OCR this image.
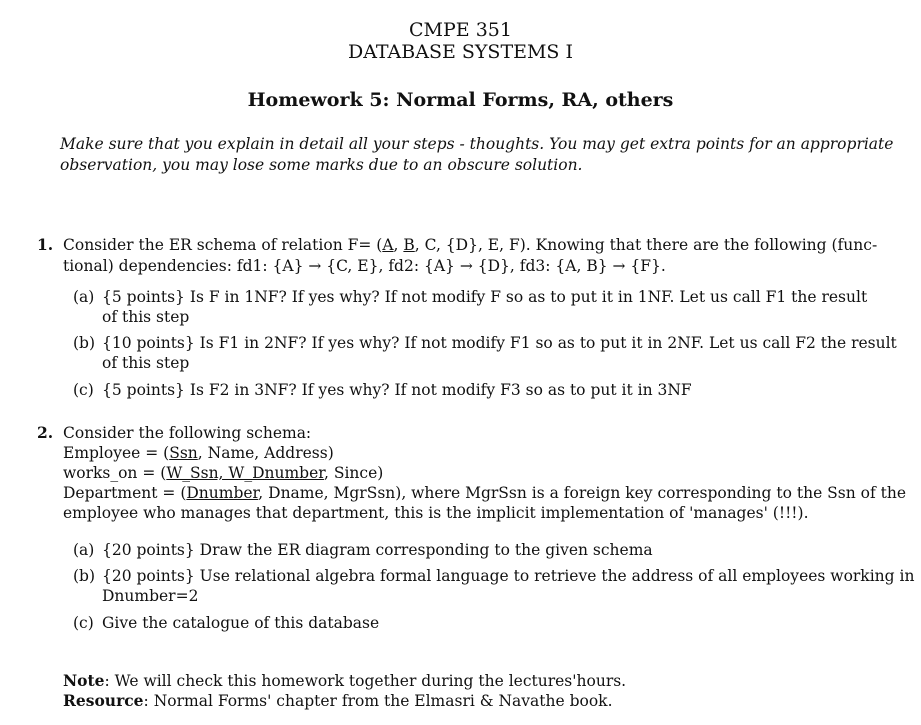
CMPE 351
DATABASE SYSTEMS I
Homework 5: Normal Forms, RA, others
Make sure that you explain in detail all your steps - thoughts. You may get extra points for an appropriate
observation, you may lose some marks due to an obscure solution.
1. Consider the ER schema of relation F= (A, B, C, {D}, E, F). Knowing that there are the following (func-
tional) dependencies: fd1: {A} → {C, E}, fd2: {A} → {D}, fd3: {A, B} → {F}.
(a) {5 points} Is F in 1NF? If yes why? If not modify F so as to put it in 1NF. Let us call F1 the result
of this step
(b) {10 points} Is F1 in 2NF? If yes why? If not modify F1 so as to put it in 2NF. Let us call F2 the result
of this step
(c) {5 points} Is F2 in 3NF? If yes why? If not modify F3 so as to put it in 3NF
2. Consider the following schema:
Employee = (Ssn, Name, Address)
works_on = (W_Ssn, W_Dnumber, Since)
Department = (Dnumber, Dname, MgrSsn), where MgrSsn is a foreign key corresponding to the Ssn of the
employee who manages that department, this is the implicit implementation of 'manages' (!!!).
(a) {20 points} Draw the ER diagram corresponding to the given schema
(b) {20 points} Use relational algebra formal language to retrieve the address of all employees working in
Dnumber=2
(c) Give the catalogue of this database
Note: We will check this homework together during the lectures'hours.
Resource: Normal Forms' chapter from the Elmasri & Navathe book.
